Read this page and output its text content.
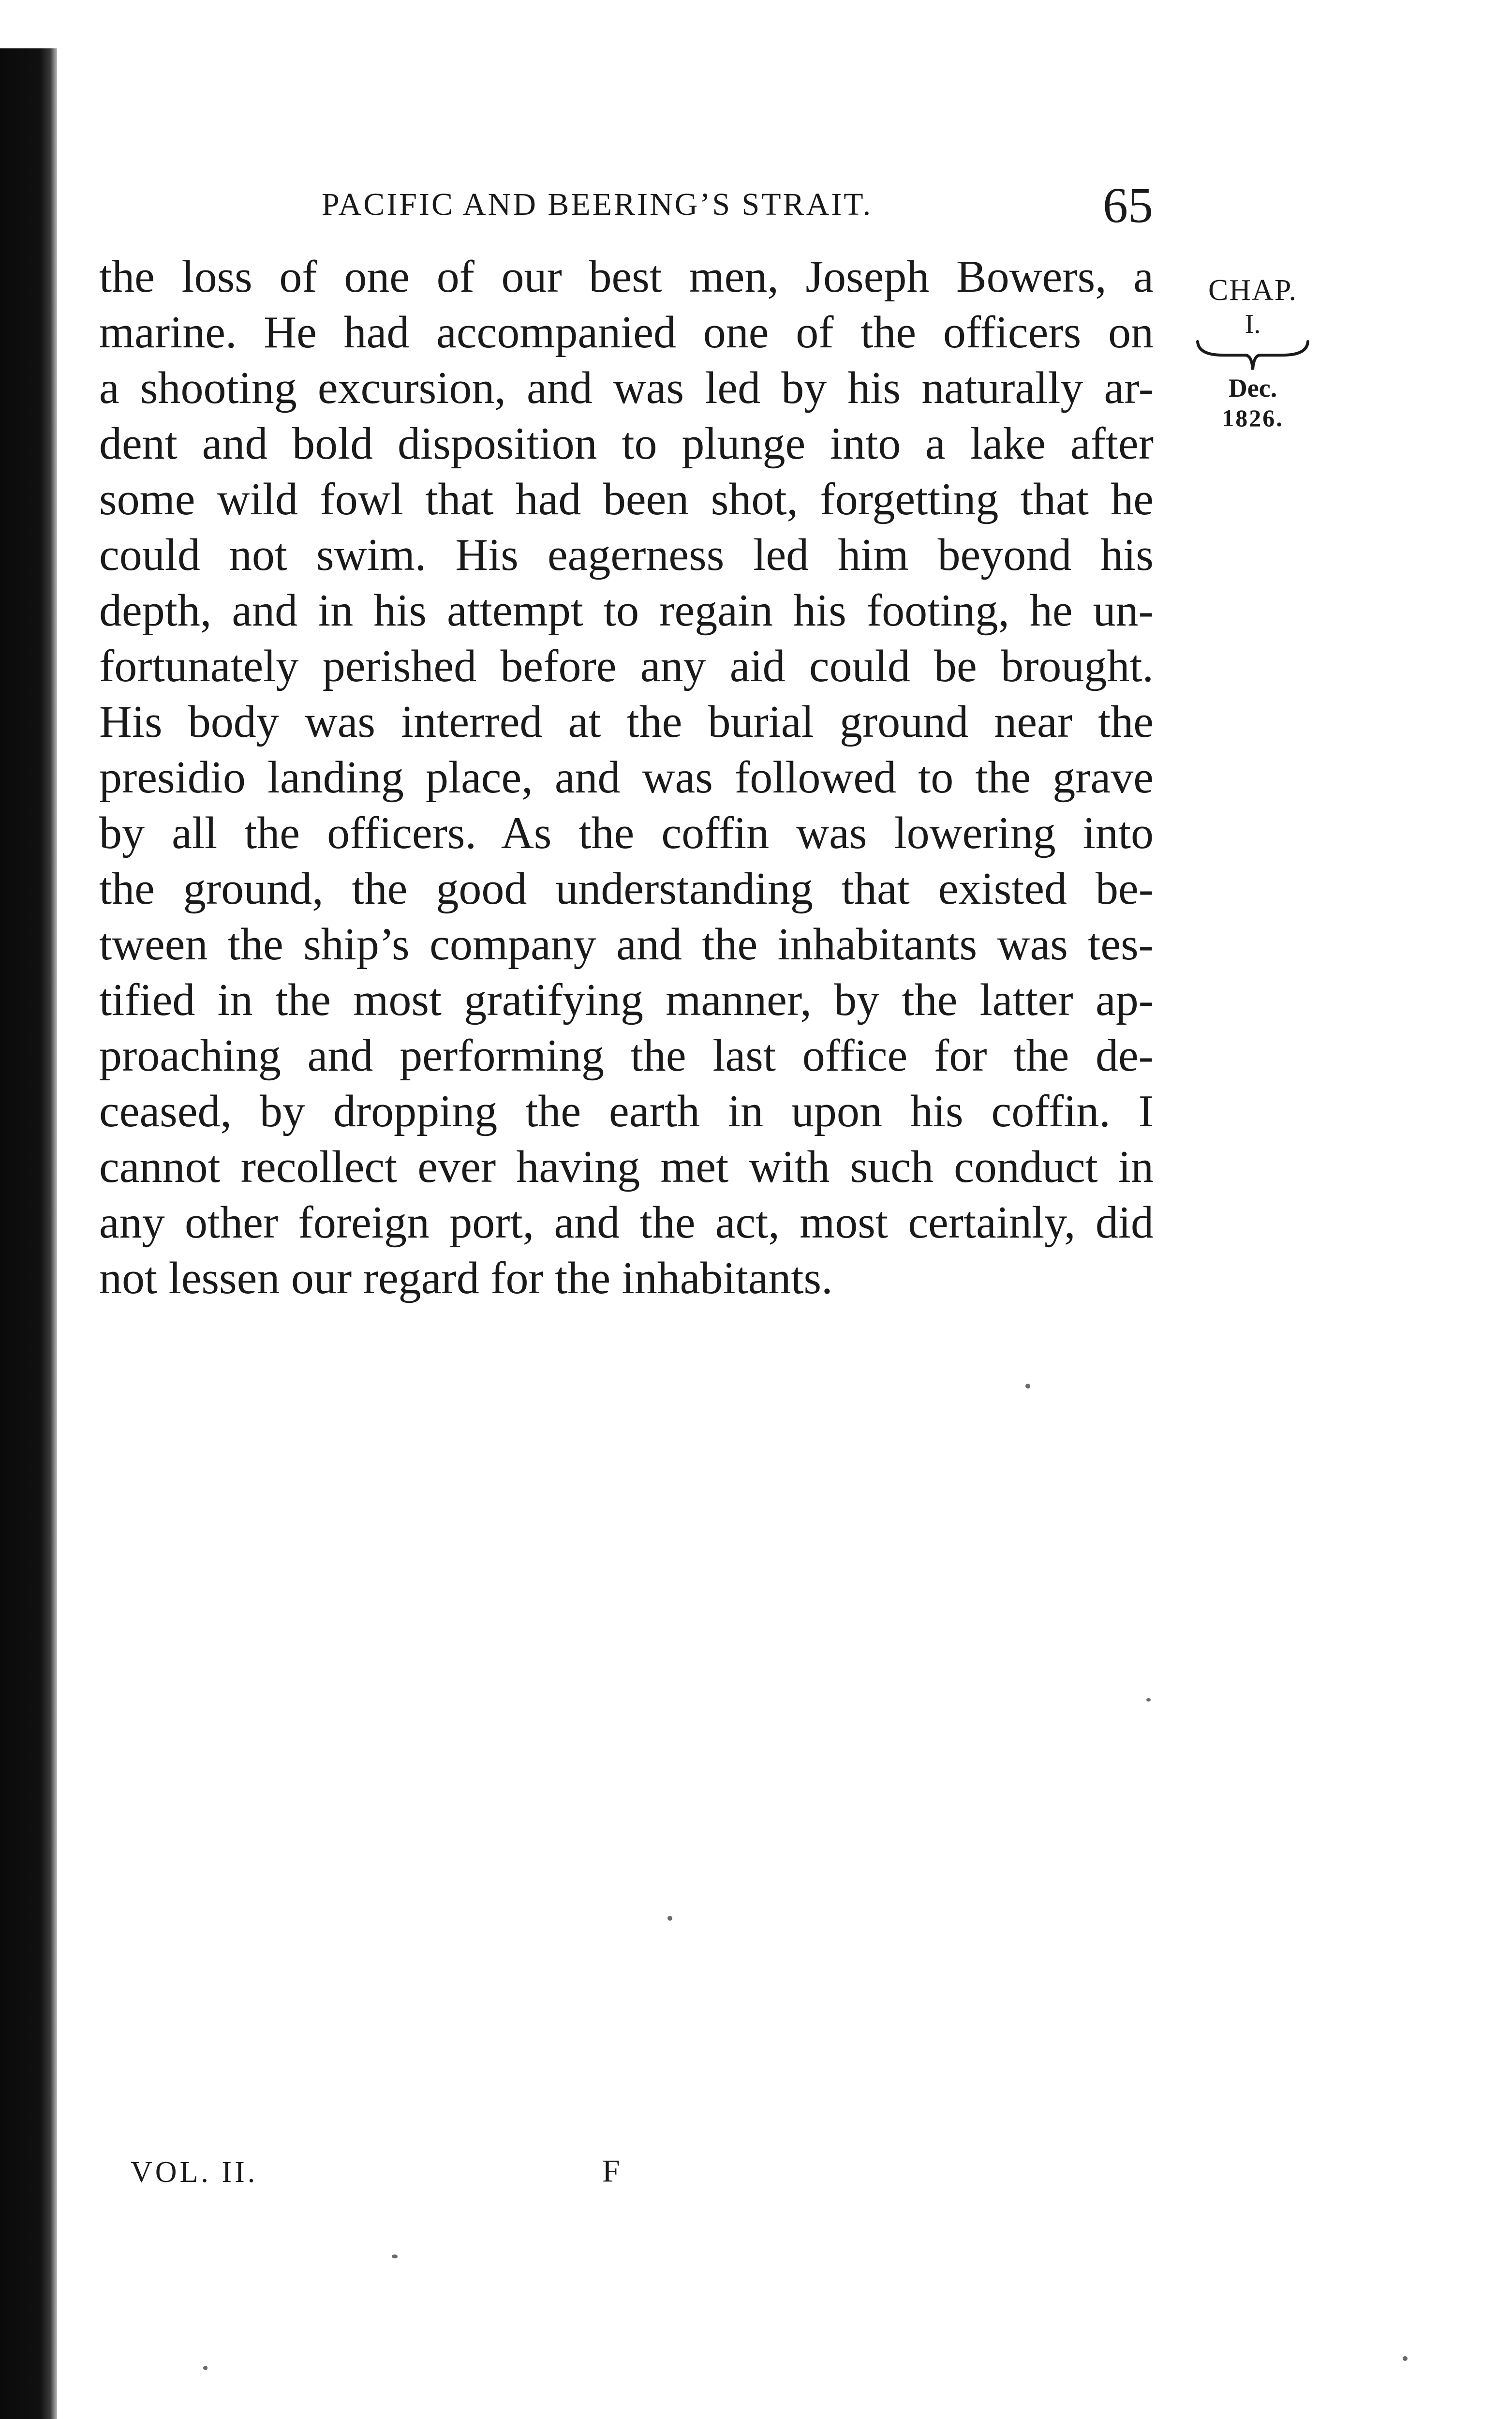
PACIFIC AND BEERING’S STRAIT.	65
the loss of one of our best men, Joseph Bowers, a
marine. He had accompanied one of the officers on
a shooting excursion, and was led by his naturally ar-
dent and bold disposition to plunge into a lake after
some wild fowl that had been shot, forgetting that he
could not swim. His eagerness led him beyond his
depth, and in his attempt to regain his footing, he un-
fortunately perished before any aid could be brought.
His body was interred at the burial ground near the
presidio landing place, and was followed to the grave
by all the officers. As the coffin was lowering into
the ground, the good understanding that existed be-
tween the ship’s company and the inhabitants was tes-
tified in the most gratifying manner, by the latter ap-
proaching and performing the last office for the de-
ceased, by dropping the earth in upon his coffin. I
cannot recollect ever having met with such conduct in
any other foreign port, and the act, most certainly, did
not lessen our regard for the inhabitants.
CHAP.
I.
Dec.
1826.
VOL. II.	F
